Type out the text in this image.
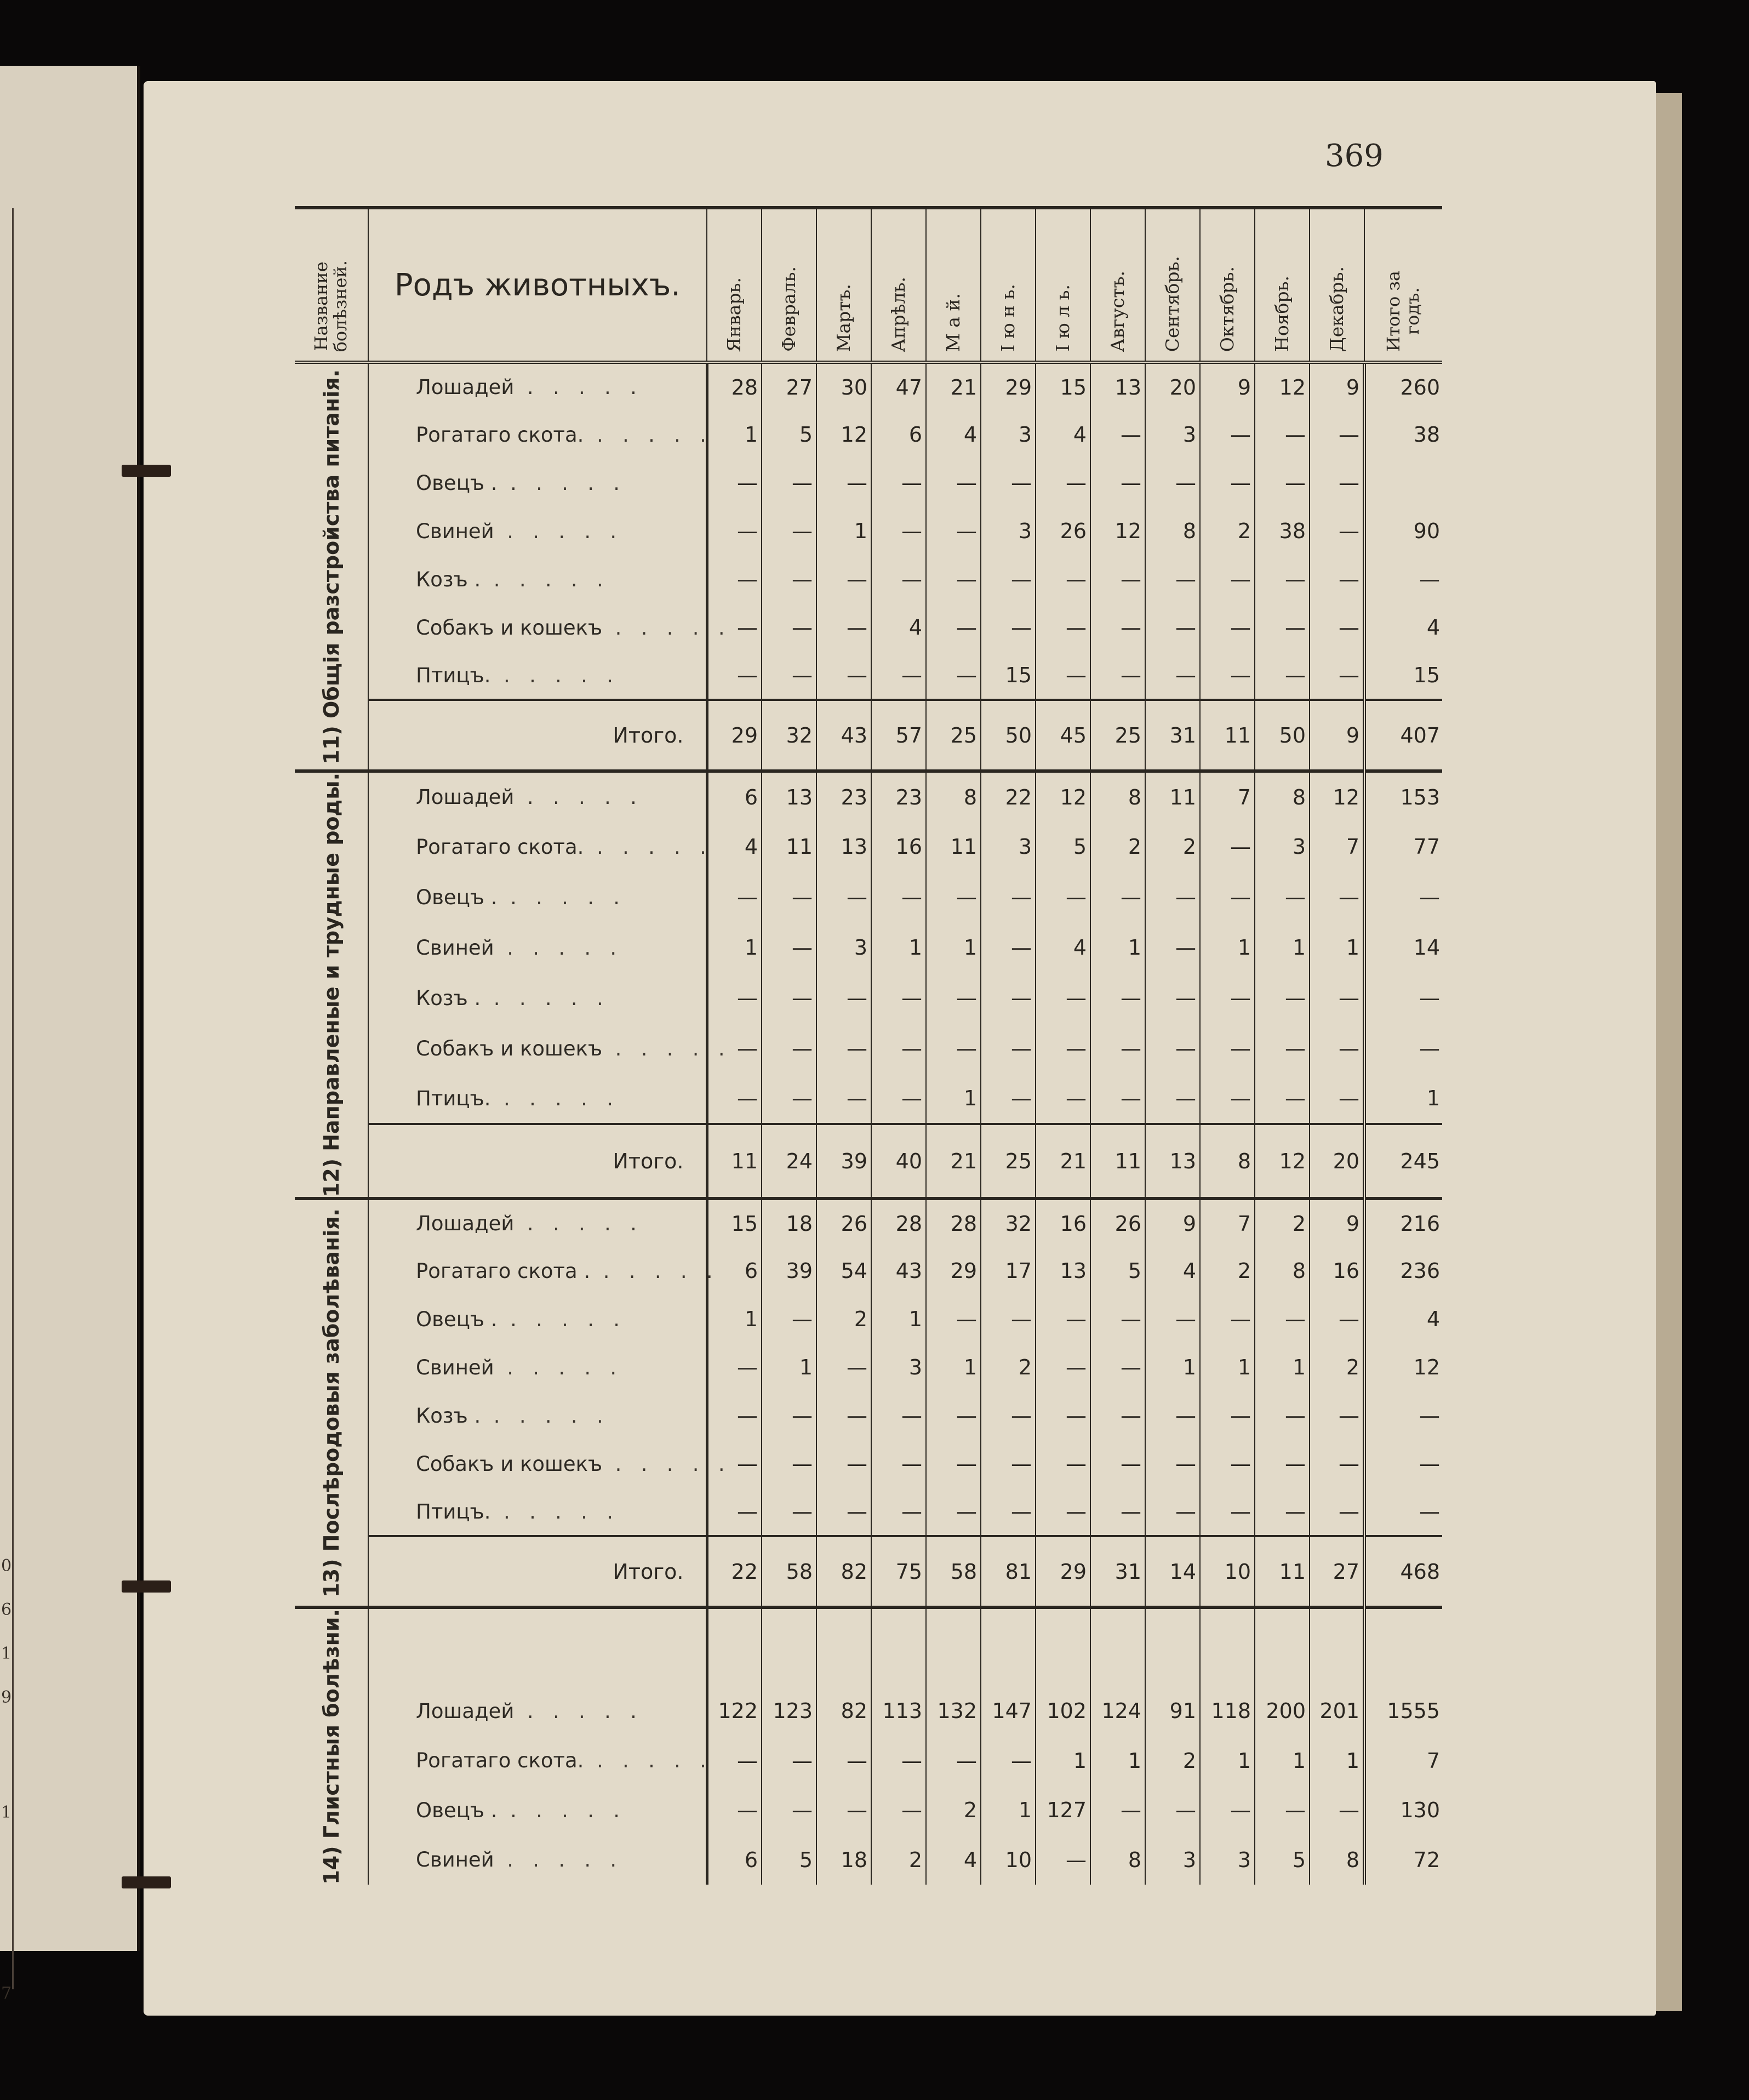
0
6
1
9
1
7
369
Название
болѣзней.	Родъ животныхъ.	Январь.	Февраль.	Мартъ.	Апрѣль.	М а й.	I ю н ь.	I ю л ь.	Августъ.	Сентябрь.	Октябрь.	Ноябрь.	Декабрь.	Итого за
годъ.

11) Общія разстройства питанія.	Лошадей  .   .   .   .   .	28	27	30	47	21	29	15	13	20	9	12	9	260
	Рогатаго скота.  .   .   .   .   .	1	5	12	6	4	3	4	—	3	—	—	—	38
	Овецъ .  .   .   .   .   .	—	—	—	—	—	—	—	—	—	—	—	—	
	Свиней  .   .   .   .   .	—	—	1	—	—	3	26	12	8	2	38	—	90
	Козъ .  .   .   .   .   .	—	—	—	—	—	—	—	—	—	—	—	—	—
	Собакъ и кошекъ  .   .   .   .   .	—	—	—	4	—	—	—	—	—	—	—	—	4
	Птицъ.  .   .   .   .   .	—	—	—	—	—	15	—	—	—	—	—	—	15
	Итого.	29	32	43	57	25	50	45	25	31	11	50	9	407

12) Направленые и трудные роды.	Лошадей  .   .   .   .   .	6	13	23	23	8	22	12	8	11	7	8	12	153
	Рогатаго скота.  .   .   .   .   .	4	11	13	16	11	3	5	2	2	—	3	7	77
	Овецъ .  .   .   .   .   .	—	—	—	—	—	—	—	—	—	—	—	—	—
	Свиней  .   .   .   .   .	1	—	3	1	1	—	4	1	—	1	1	1	14
	Козъ .  .   .   .   .   .	—	—	—	—	—	—	—	—	—	—	—	—	—
	Собакъ и кошекъ  .   .   .   .   .	—	—	—	—	—	—	—	—	—	—	—	—	—
	Птицъ.  .   .   .   .   .	—	—	—	—	1	—	—	—	—	—	—	—	1
	Итого.	11	24	39	40	21	25	21	11	13	8	12	20	245

13) Послѣродовыя заболѣванія.	Лошадей  .   .   .   .   .	15	18	26	28	28	32	16	26	9	7	2	9	216
	Рогатаго скота .  .   .   .   .   .	6	39	54	43	29	17	13	5	4	2	8	16	236
	Овецъ .  .   .   .   .   .	1	—	2	1	—	—	—	—	—	—	—	—	4
	Свиней  .   .   .   .   .	—	1	—	3	1	2	—	—	1	1	1	2	12
	Козъ .  .   .   .   .   .	—	—	—	—	—	—	—	—	—	—	—	—	—
	Собакъ и кошекъ  .   .   .   .   .	—	—	—	—	—	—	—	—	—	—	—	—	—
	Птицъ.  .   .   .   .   .	—	—	—	—	—	—	—	—	—	—	—	—	—
	Итого.	22	58	82	75	58	81	29	31	14	10	11	27	468

14) Глистныя болѣзни.														

	Лошадей  .   .   .   .   .	122	123	82	113	132	147	102	124	91	118	200	201	1555
	Рогатаго скота.  .   .   .   .   .	—	—	—	—	—	—	1	1	2	1	1	1	7
	Овецъ .  .   .   .   .   .	—	—	—	—	2	1	127	—	—	—	—	—	130
	Свиней  .   .   .   .   .	6	5	18	2	4	10	—	8	3	3	5	8	72
